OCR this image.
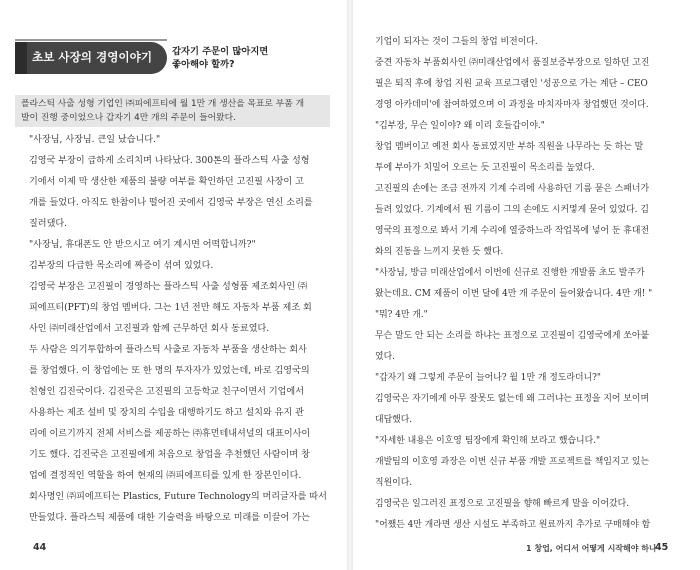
초보 사장의 경영이야기	갑자기 주문이 많아지면
좋아해야 할까?
플라스틱 사출 성형 기업인 ㈜피에프티에 월 1만 개 생산을 목표로 부품 개
발이 진행 중이었으나 갑자기 4만 개의 주문이 들어왔다.
"사장님, 사장님. 큰일 났습니다."
김영국 부장이 급하게 소리치며 나타났다. 300톤의 플라스틱 사출 성형
기에서 이제 막 생산한 제품의 불량 여부를 확인하던 고진필 사장이 고
개를 들었다. 아직도 한참이나 떨어진 곳에서 김영국 부장은 연신 소리를
질러댔다.
"사장님, 휴대폰도 안 받으시고 여기 계시면 어떡합니까?"
김부장의 다급한 목소리에 짜증이 섞여 있었다.
김영국 부장은 고진필이 경영하는 플라스틱 사출 성형품 제조회사인 ㈜
피에프티(PFT)의 창업 멤버다. 그는 1년 전만 해도 자동차 부품 제조 회
사인 ㈜미래산업에서 고진필과 함께 근무하던 회사 동료였다.
두 사람은 의기투합하여 플라스틱 사출로 자동차 부품을 생산하는 회사
를 창업했다. 이 창업에는 또 한 명의 투자자가 있었는데, 바로 김영국의
친형인 김진국이다. 김진국은 고진필의 고등학교 친구이면서 기업에서
사용하는 제조 설비 및 장치의 수입을 대행하기도 하고 설치와 유지 관
리에 이르기까지 전체 서비스를 제공하는 ㈜휴먼테내셔널의 대표이사이
기도 했다. 김진국은 고진필에게 처음으로 창업을 추천했던 사람이며 창
업에 결정적인 역할을 하여 현재의 ㈜피에프티를 있게 한 장본인이다.
회사명인 ㈜피에프티는 Plastics, Future Technology의 머리글자를 따서
만들었다. 플라스틱 제품에 대한 기술력을 바탕으로 미래를 이끌어 가는
44
기업이 되자는 것이 그들의 창업 비전이다.
중견 자동차 부품회사인 ㈜미래산업에서 품질보증부장으로 일하던 고진
필은 퇴직 후에 창업 지원 교육 프로그램인 '성공으로 가는 계단 – CEO
경영 아카데미'에 참여하였으며 이 과정을 마치자마자 창업했던 것이다.
"김부장, 무슨 일이야? 왜 이리 호들갑이야."
창업 멤버이고 예전 회사 동료였지만 부하 직원을 나무라는 듯 하는 말
투에 부아가 치밀어 오르는 듯 고진필이 목소리를 높였다.
고진필의 손에는 조금 전까지 기계 수리에 사용하던 기름 묻은 스패너가
들려 있었다. 기계에서 뭔 기름이 그의 손에도 시커멓게 묻어 있었다. 김
영국의 표정으로 봐서 기계 수리에 열중하느라 작업복에 넣어 둔 휴대전
화의 진동을 느끼지 못한 듯 했다.
"사장님, 방금 미래산업에서 이번에 신규로 진행한 개발품 초도 발주가
왔는데요. CM 제품이 이번 달에 4만 개 주문이 들어왔습니다. 4만 개! "
"뭐? 4만 개."
무슨 말도 안 되는 소리를 하냐는 표정으로 고진필이 김영국에게 쏘아붙
였다.
"갑자기 왜 그렇게 주문이 늘어나? 월 1만 개 정도라더니?"
김영국은 자기에게 아무 잘못도 없는데 왜 그러냐는 표정을 지어 보이며
대답했다.
"자세한 내용은 이호영 팀장에게 확인해 보라고 했습니다."
개발팀의 이호영 과장은 이번 신규 부품 개발 프로젝트를 책임지고 있는
직원이다.
김영국은 일그러진 표정으로 고진필을 향해 빠르게 말을 이어갔다.
"어쨌든 4만 개라면 생산 시설도 부족하고 원료까지 추가로 구매해야 함
1 창업, 어디서 어떻게 시작해야 하나
45
